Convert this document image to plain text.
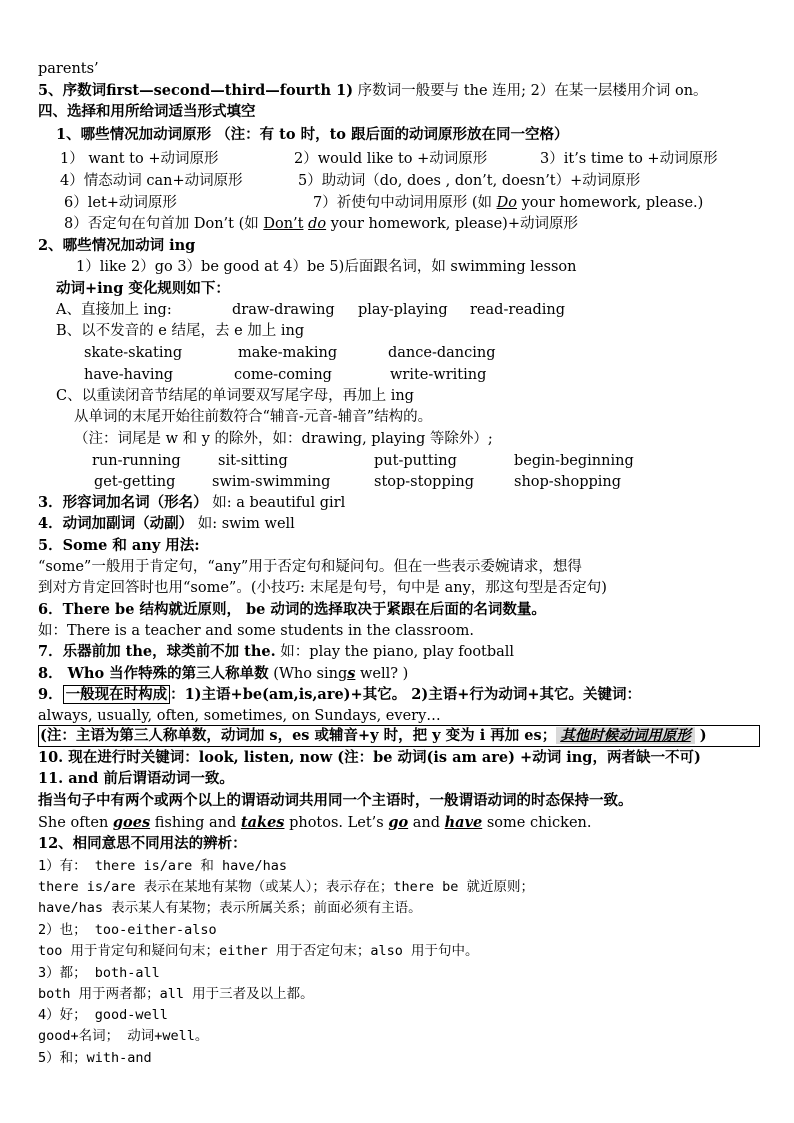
parents’
5、序数词first—second—third—fourth 1) 序数词一般要与 the 连用; 2）在某一层楼用介词 on。
四、选择和用所给词适当形式填空
1、哪些情况加动词原形 （注：有 to 时，to 跟后面的动词原形放在同一空格）
1） want to +动词原形	2）would like to +动词原形	3）it’s time to +动词原形
4）情态动词 can+动词原形	5）助动词（do, does , don’t, doesn’t）+动词原形
6）let+动词原形	7）祈使句中动词用原形 (如 Do your homework, please.)
8）否定句在句首加 Don’t (如 Don’t do your homework, please)+动词原形
2、哪些情况加动词 ing
1）like 2）go 3）be good at 4）be 5)后面跟名词，如 swimming lesson
动词+ing 变化规则如下：
A、直接加上 ing:	draw-drawing play-playing read-reading
B、以不发音的 e 结尾，去 e 加上 ing
skate-skating	make-making	dance-dancing
have-having	come-coming	write-writing
C、以重读闭音节结尾的单词要双写尾字母，再加上 ing
从单词的末尾开始往前数符合“辅音-元音-辅音”结构的。
（注：词尾是 w 和 y 的除外，如：drawing, playing 等除外）;
run-running	sit-sitting	put-putting	begin-beginning
get-getting	swim-swimming	stop-stopping	shop-shopping
3．形容词加名词（形名） 如: a beautiful girl
4．动词加副词（动副） 如: swim well
5．Some 和 any 用法:
“some”一般用于肯定句，“any”用于否定句和疑问句。但在一些表示委婉请求，想得
到对方肯定回答时也用“some”。(小技巧: 末尾是句号，句中是 any，那这句型是否定句)
6．There be 结构就近原则， be 动词的选择取决于紧跟在后面的名词数量。
如：There is a teacher and some students in the classroom.
7．乐器前加 the，球类前不加 the. 如：play the piano, play football
8． Who 当作特殊的第三人称单数 (Who sings well? )
9． 一般现在时构成 ：1)主语+be(am,is,are)+其它。 2)主语+行为动词+其它。关键词：
always, usually, often, sometimes, on Sundays, every…
(注：主语为第三人称单数，动词加 s，es 或辅音+y 时，把 y 变为 i 再加 es； 其他时候动词用原形 )
10. 现在进行时关键词：look, listen, now (注：be 动词(is am are) +动词 ing，两者缺一不可)
11. and 前后谓语动词一致。
指当句子中有两个或两个以上的谓语动词共用同一个主语时，一般谓语动词的时态保持一致。
She often goes fishing and takes photos. Let’s go and have some chicken.
12、相同意思不同用法的辨析：
1）有： there is/are 和 have/has
there is/are 表示在某地有某物（或某人）；表示存在；there be 就近原则；
have/has 表示某人有某物；表示所属关系；前面必须有主语。
2）也； too-either-also
too 用于肯定句和疑问句末；either 用于否定句末；also 用于句中。
3）都； both-all
both 用于两者都；all 用于三者及以上都。
4）好； good-well
good+名词； 动词+well。
5）和；with-and
